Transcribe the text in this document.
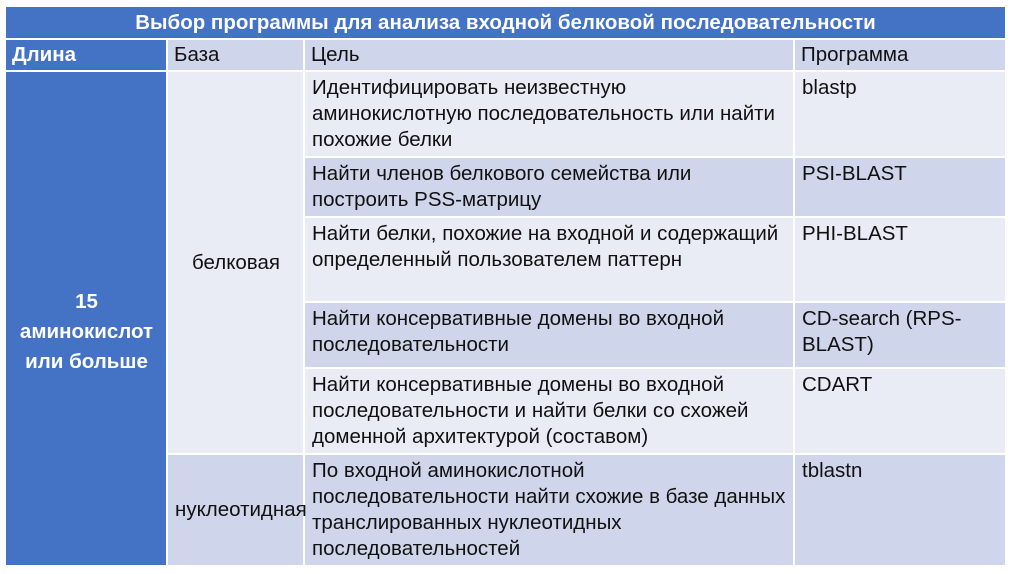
Выбор программы для анализа входной белковой последовательности			
Длина	База	Цель	Программа
15 аминокислот или больше	белковая	Идентифицировать неизвестную аминокислотную последовательность или найти похожие белки	blastp
		Найти членов белкового семейства или построить PSS-матрицу	PSI-BLAST
		Найти белки, похожие на входной и содержащий определенный пользователем паттерн	PHI-BLAST
		Найти консервативные домены во входной последовательности	CD-search (RPS-BLAST)
		Найти консервативные домены во входной последовательности и найти белки со схожей доменной архитектурой (составом)	CDART
	нуклеотидная	По входной аминокислотной последовательности найти схожие в базе данных транслированных нуклеотидных последовательностей	tblastn
